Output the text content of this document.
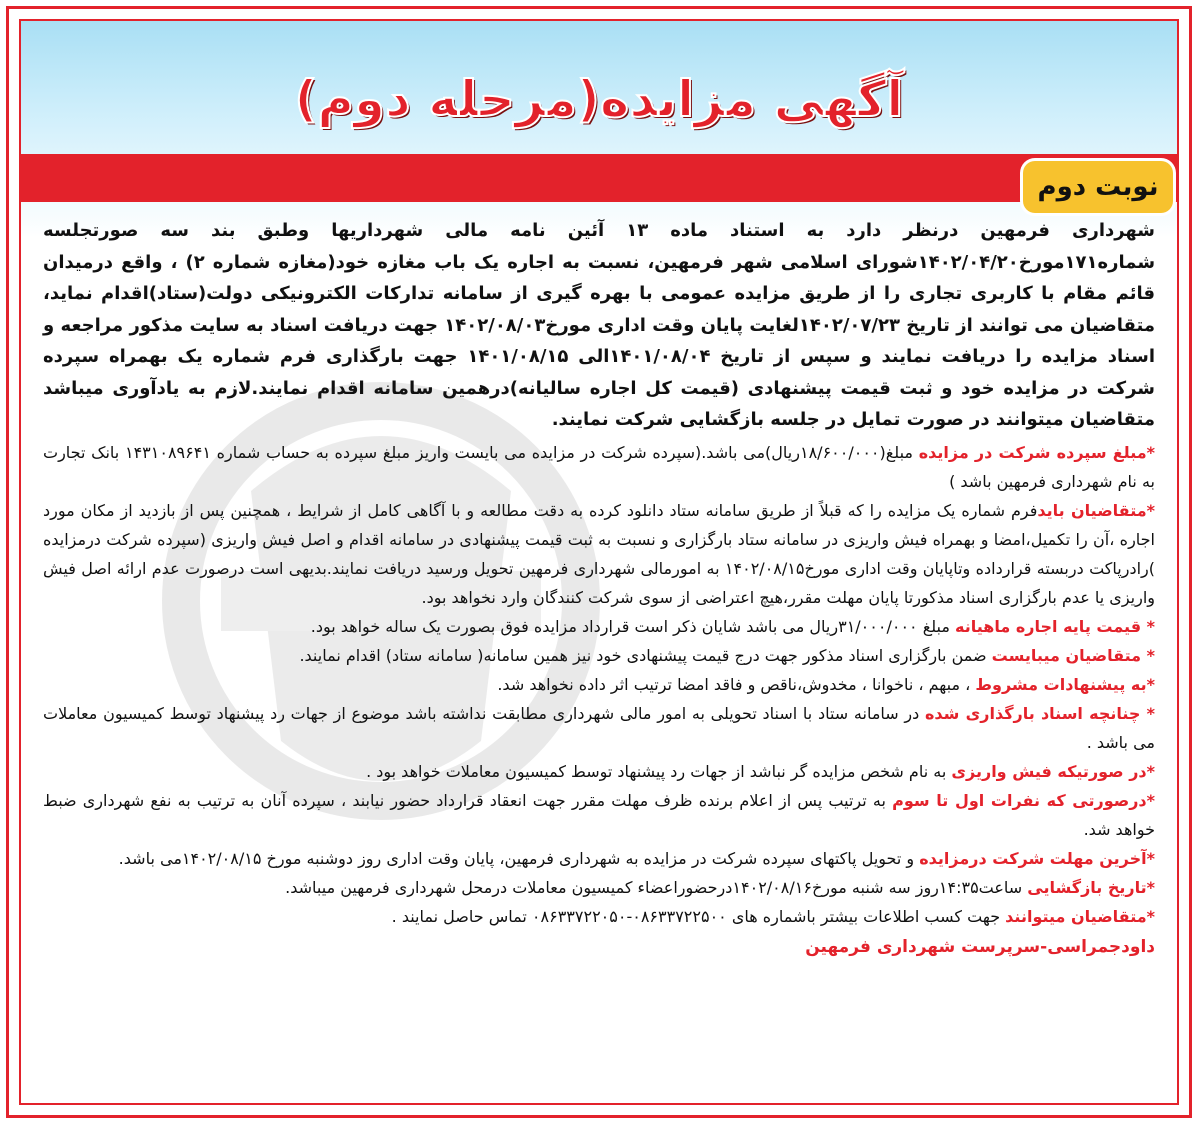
آگهی مزایده(مرحله دوم)
نوبت دوم

شهرداری فرمهین درنظر دارد به استناد ماده ۱۳ آئین نامه مالی شهرداریها وطبق بند سه صورتجلسه شماره۱۷۱مورخ۱۴۰۲/۰۴/۲۰شورای اسلامی شهر فرمهین، نسبت به اجاره یک باب مغازه خود(مغازه شماره ۲) ، واقع درمیدان قائم مقام با کاربری تجاری را از طریق مزایده عمومی با بهره گیری از سامانه تدارکات الکترونیکی دولت(ستاد)اقدام نماید، متقاضیان می توانند از تاریخ ۱۴۰۲/۰۷/۲۳لغایت پایان وقت اداری مورخ۱۴۰۲/۰۸/۰۳ جهت دریافت اسناد به سایت مذکور مراجعه و اسناد مزایده را دریافت نمایند و سپس از تاریخ ۱۴۰۱/۰۸/۰۴الی ۱۴۰۱/۰۸/۱۵ جهت بارگذاری فرم شماره یک بهمراه سپرده شرکت در مزایده خود و ثبت قیمت پیشنهادی (قیمت کل اجاره سالیانه)درهمین سامانه اقدام نمایند.لازم به یادآوری میباشد متقاضیان میتوانند در صورت تمایل در جلسه بازگشایی شرکت نمایند.

*مبلغ سپرده شرکت در مزایده مبلغ(۱۸/۶۰۰/۰۰۰ریال)می باشد.(سپرده شرکت در مزایده می بایست واریز مبلغ سپرده به حساب شماره ۱۴۳۱۰۸۹۶۴۱ بانک تجارت به نام شهرداری فرمهین باشد )

*متقاضیان بایدفرم شماره یک مزایده را که قبلاً از طریق سامانه ستاد دانلود کرده به دقت مطالعه و با آگاهی کامل از شرایط ، همچنین پس از بازدید از مکان مورد اجاره ،آن را تکمیل،امضا و بهمراه فیش واریزی در سامانه ستاد بارگزاری و نسبت به ثبت قیمت پیشنهادی در سامانه اقدام و اصل فیش واریزی (سپرده شرکت درمزایده )رادرپاکت دربسته قرارداده وتاپایان وقت اداری مورخ۱۴۰۲/۰۸/۱۵ به امورمالی شهرداری فرمهین تحویل ورسید دریافت نمایند.بدیهی است درصورت عدم ارائه اصل فیش واریزی یا عدم بارگزاری اسناد مذکورتا پایان مهلت مقرر،هیچ اعتراضی از سوی شرکت کنندگان وارد نخواهد بود.

* قیمت پایه اجاره ماهیانه مبلغ ۳۱/۰۰۰/۰۰۰ریال می باشد شایان ذکر است قرارداد مزایده فوق بصورت یک ساله خواهد بود.

* متقاضیان میبایست ضمن بارگزاری اسناد مذکور جهت درج قیمت پیشنهادی خود نیز همین سامانه( سامانه ستاد) اقدام نمایند.

*به پیشنهادات مشروط ، مبهم ، ناخوانا ، مخدوش،ناقص و فاقد امضا ترتیب اثر داده نخواهد شد.

* چنانچه اسناد بارگذاری شده در سامانه ستاد با اسناد تحویلی به امور مالی شهرداری مطابقت نداشته باشد موضوع از جهات رد پیشنهاد توسط کمیسیون معاملات می باشد .

*در صورتیکه فیش واریزی به نام شخص مزایده گر نباشد از جهات رد پیشنهاد توسط کمیسیون معاملات خواهد بود .

*درصورتی که نفرات اول تا سوم به ترتیب پس از اعلام برنده ظرف مهلت مقرر جهت انعقاد قرارداد حضور نیابند ، سپرده آنان به ترتیب به نفع شهرداری ضبط خواهد شد.

*آخرین مهلت شرکت درمزایده و تحویل پاکتهای سپرده شرکت در مزایده به شهرداری فرمهین، پایان وقت اداری روز دوشنبه مورخ ۱۴۰۲/۰۸/۱۵می باشد.

*تاریخ بازگشایی ساعت۱۴:۳۵روز سه شنبه مورخ۱۴۰۲/۰۸/۱۶درحضوراعضاء کمیسیون معاملات درمحل شهرداری فرمهین میباشد.

*متقاضیان میتوانند جهت کسب اطلاعات بیشتر باشماره های ۰۸۶۳۳۷۲۲۵۰۰-۰۸۶۳۳۷۲۲۰۵۰ تماس حاصل نمایند .

داودجمراسی-سرپرست شهرداری فرمهین
